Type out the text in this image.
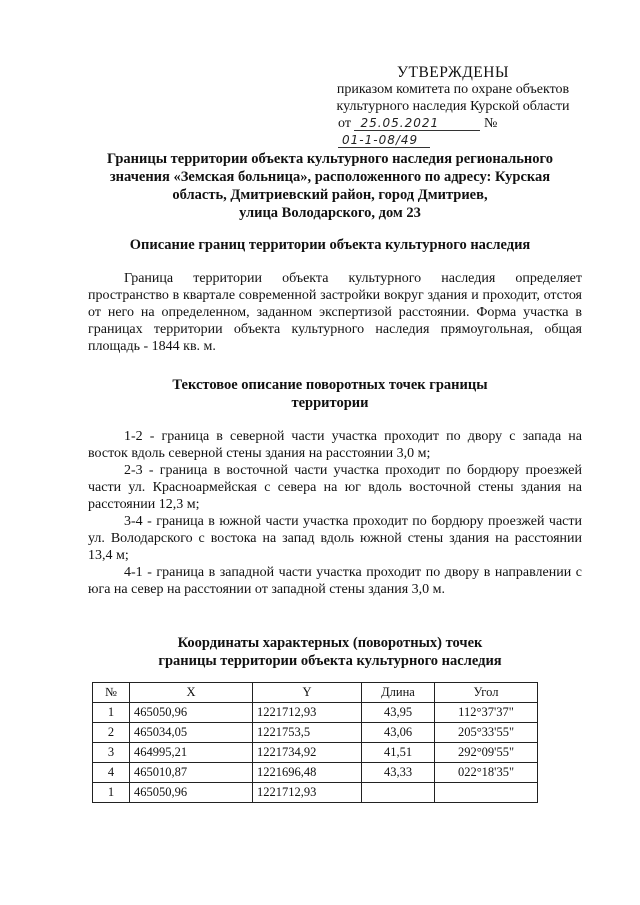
УТВЕРЖДЕНЫ
приказом комитета по охране объектов
культурного наследия Курской области
от 25.05.2021	№ 01-1-08/49
Границы территории объекта культурного наследия регионального
значения «Земская больница», расположенного по адресу: Курская
область, Дмитриевский район, город Дмитриев,
улица Володарского, дом 23
Описание границ территории объекта культурного наследия

Граница территории объекта культурного наследия определяет пространство в квартале современной застройки вокруг здания и проходит, отстоя от него на определенном, заданном экспертизой расстоянии. Форма участка в границах территории объекта культурного наследия прямоугольная, общая площадь - 1844 кв. м.

Текстовое описание поворотных точек границы
территории

1-2 - граница в северной части участка проходит по двору с запада на восток вдоль северной стены здания на расстоянии 3,0 м;

2-3 - граница в восточной части участка проходит по бордюру проезжей части ул. Красноармейская с севера на юг вдоль восточной стены здания на расстоянии 12,3 м;

3-4 - граница в южной части участка проходит по бордюру проезжей части ул. Володарского с востока на запад вдоль южной стены здания на расстоянии 13,4 м;

4-1 - граница в западной части участка проходит по двору в направлении с юга на север на расстоянии от западной стены здания 3,0 м.

Координаты характерных (поворотных) точек
границы территории объекта культурного наследия
№	X	Y	Длина	Угол
1	465050,96	1221712,93	43,95	112°37'37"
2	465034,05	1221753,5	43,06	205°33'55"
3	464995,21	1221734,92	41,51	292°09'55"
4	465010,87	1221696,48	43,33	022°18'35"
1	465050,96	1221712,93		
